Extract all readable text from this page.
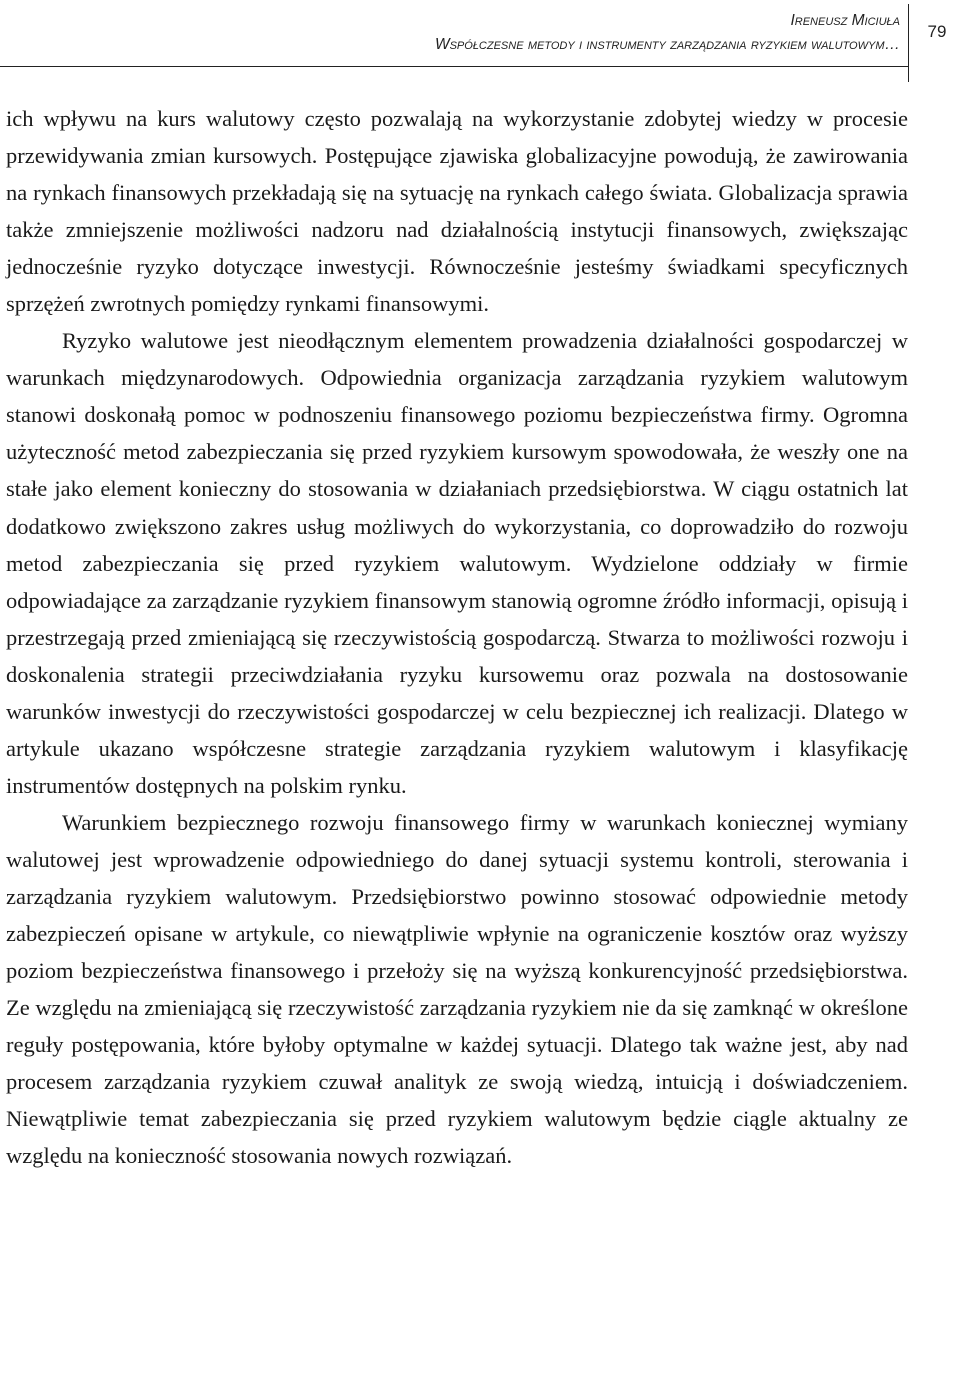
Ireneusz Miciuła
Współczesne metody i instrumenty zarządzania ryzykiem walutowym…
79

ich wpływu na kurs walutowy często pozwalają na wykorzystanie zdobytej wiedzy w procesie przewidywania zmian kursowych. Postępujące zjawiska globalizacyjne powodują, że zawirowania na rynkach finansowych przekładają się na sytuację na rynkach całego świata. Globalizacja sprawia także zmniejszenie możliwości nadzoru nad działalnością instytucji finansowych, zwiększając jednocześnie ryzyko dotyczące inwestycji. Równocześnie jesteśmy świadkami specyficznych sprzężeń zwrotnych pomiędzy rynkami finansowymi.

Ryzyko walutowe jest nieodłącznym elementem prowadzenia działalności gospodarczej w warunkach międzynarodowych. Odpowiednia organizacja zarządzania ryzykiem walutowym stanowi doskonałą pomoc w podnoszeniu finansowego poziomu bezpieczeństwa firmy. Ogromna użyteczność metod zabezpieczania się przed ryzykiem kursowym spowodowała, że weszły one na stałe jako element konieczny do stosowania w działaniach przedsiębiorstwa. W ciągu ostatnich lat dodatkowo zwiększono zakres usług możliwych do wykorzystania, co doprowadziło do rozwoju metod zabezpieczania się przed ryzykiem walutowym. Wydzielone oddziały w firmie odpowiadające za zarządzanie ryzykiem finansowym stanowią ogromne źródło informacji, opisują i przestrzegają przed zmieniającą się rzeczywistością gospodarczą. Stwarza to możliwości rozwoju i doskonalenia strategii przeciwdziałania ryzyku kursowemu oraz pozwala na dostosowanie warunków inwestycji do rzeczywistości gospodarczej w celu bezpiecznej ich realizacji. Dlatego w artykule ukazano współczesne strategie zarządzania ryzykiem walutowym i klasyfikację instrumentów dostępnych na polskim rynku.

Warunkiem bezpiecznego rozwoju finansowego firmy w warunkach koniecznej wymiany walutowej jest wprowadzenie odpowiedniego do danej sytuacji systemu kontroli, sterowania i zarządzania ryzykiem walutowym. Przedsiębiorstwo powinno stosować odpowiednie metody zabezpieczeń opisane w artykule, co niewątpliwie wpłynie na ograniczenie kosztów oraz wyższy poziom bezpieczeństwa finansowego i przełoży się na wyższą konkurencyjność przedsiębiorstwa. Ze względu na zmieniającą się rzeczywistość zarządzania ryzykiem nie da się zamknąć w określone reguły postępowania, które byłoby optymalne w każdej sytuacji. Dlatego tak ważne jest, aby nad procesem zarządzania ryzykiem czuwał analityk ze swoją wiedzą, intuicją i doświadczeniem. Niewątpliwie temat zabezpieczania się przed ryzykiem walutowym będzie ciągle aktualny ze względu na konieczność stosowania nowych rozwiązań.
